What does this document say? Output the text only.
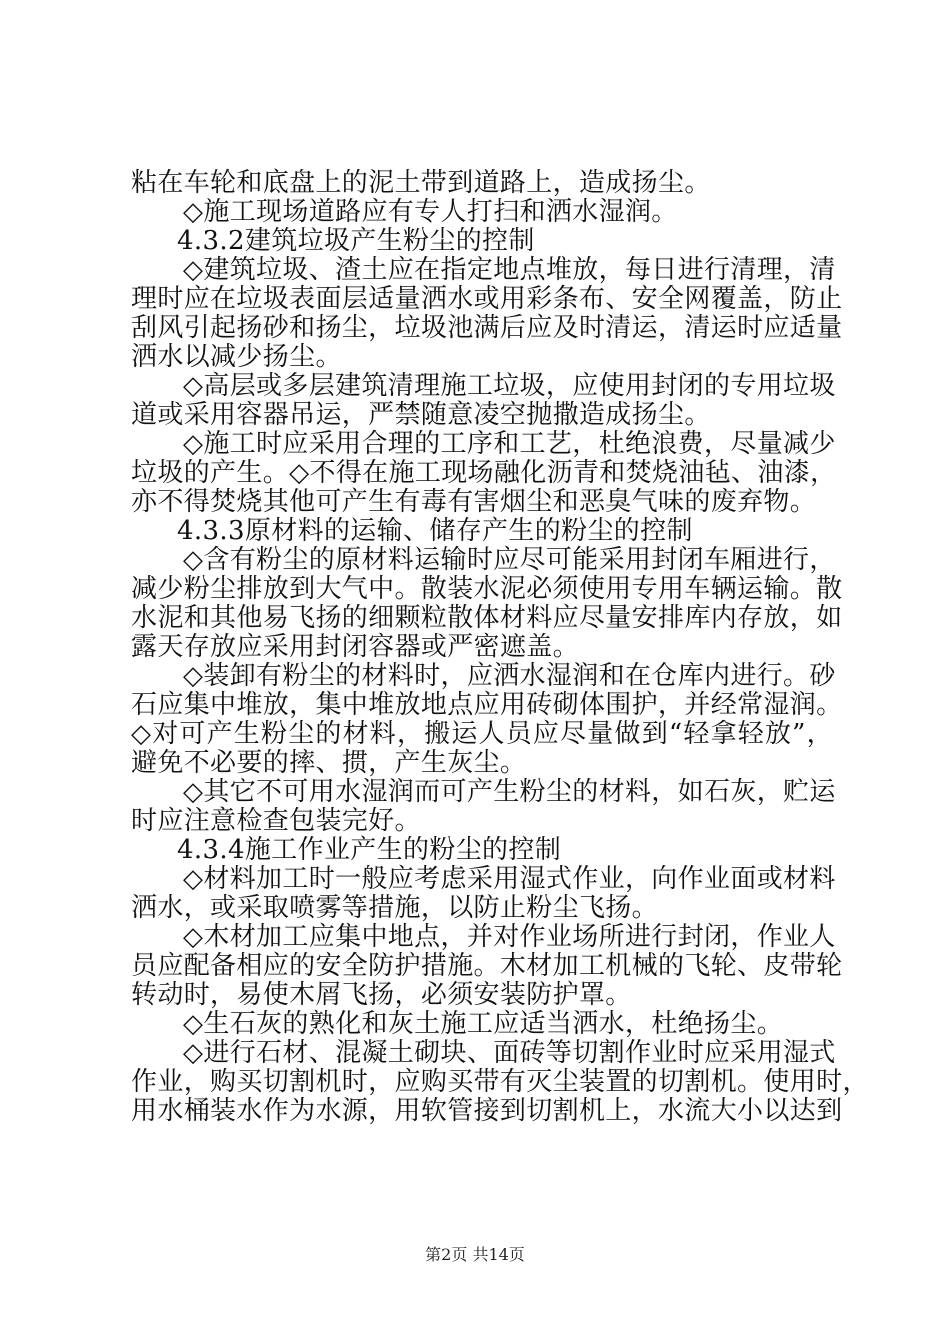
粘在车轮和底盘上的泥土带到道路上，造成扬尘。
◇施工现场道路应有专人打扫和洒水湿润。
4.3.2建筑垃圾产生粉尘的控制
◇建筑垃圾、渣土应在指定地点堆放，每日进行清理，清
理时应在垃圾表面层适量洒水或用彩条布、安全网覆盖，防止
刮风引起扬砂和扬尘，垃圾池满后应及时清运，清运时应适量
洒水以减少扬尘。
◇高层或多层建筑清理施工垃圾，应使用封闭的专用垃圾
道或采用容器吊运，严禁随意凌空抛撒造成扬尘。
◇施工时应采用合理的工序和工艺，杜绝浪费，尽量减少
垃圾的产生。◇不得在施工现场融化沥青和焚烧油毡、油漆，
亦不得焚烧其他可产生有毒有害烟尘和恶臭气味的废弃物。
4.3.3原材料的运输、储存产生的粉尘的控制
◇含有粉尘的原材料运输时应尽可能采用封闭车厢进行，
减少粉尘排放到大气中。散装水泥必须使用专用车辆运输。散
水泥和其他易飞扬的细颗粒散体材料应尽量安排库内存放，如
露天存放应采用封闭容器或严密遮盖。
◇装卸有粉尘的材料时，应洒水湿润和在仓库内进行。砂
石应集中堆放，集中堆放地点应用砖砌体围护，并经常湿润。
◇对可产生粉尘的材料，搬运人员应尽量做到“轻拿轻放”，
避免不必要的摔、掼，产生灰尘。
◇其它不可用水湿润而可产生粉尘的材料，如石灰，贮运
时应注意检查包装完好。
4.3.4施工作业产生的粉尘的控制
◇材料加工时一般应考虑采用湿式作业，向作业面或材料
洒水，或采取喷雾等措施，以防止粉尘飞扬。
◇木材加工应集中地点，并对作业场所进行封闭，作业人
员应配备相应的安全防护措施。木材加工机械的飞轮、皮带轮
转动时，易使木屑飞扬，必须安装防护罩。
◇生石灰的熟化和灰土施工应适当洒水，杜绝扬尘。
◇进行石材、混凝土砌块、面砖等切割作业时应采用湿式
作业，购买切割机时，应购买带有灭尘装置的切割机。使用时，
用水桶装水作为水源，用软管接到切割机上，水流大小以达到
第2页 共14页
